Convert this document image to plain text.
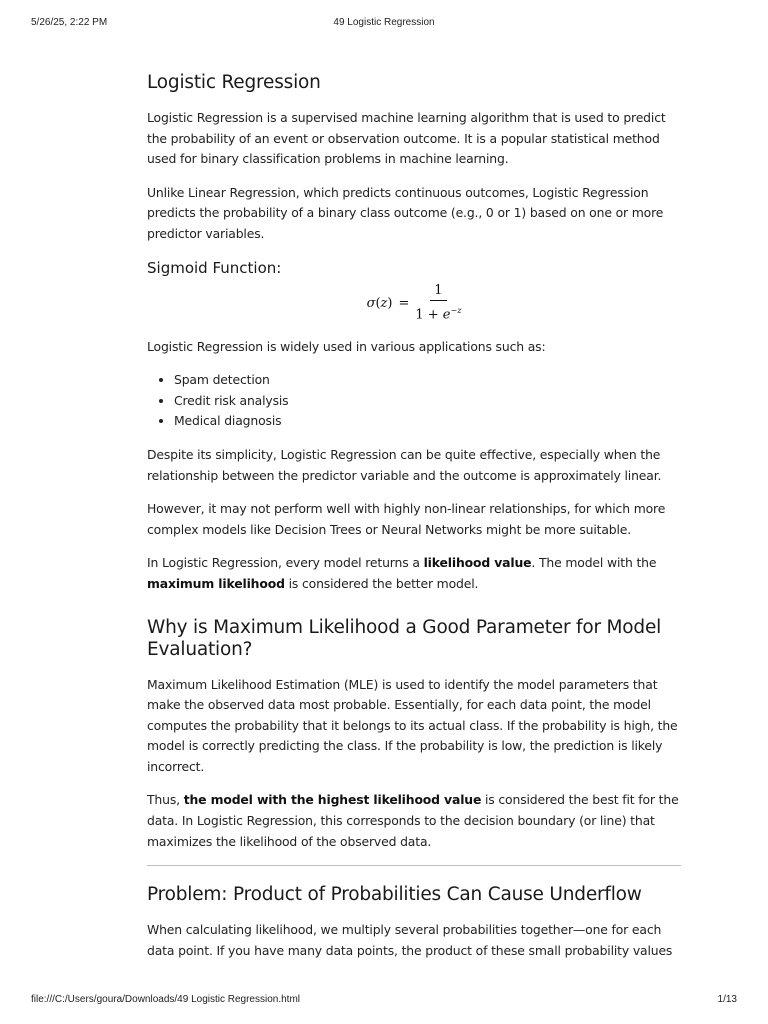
5/26/25, 2:22 PM	49 Logistic Regression
Logistic Regression

Logistic Regression is a supervised machine learning algorithm that is used to predict the probability of an event or observation outcome. It is a popular statistical method used for binary classification problems in machine learning.

Unlike Linear Regression, which predicts continuous outcomes, Logistic Regression predicts the probability of a binary class outcome (e.g., 0 or 1) based on one or more predictor variables.

Sigmoid Function:
$\sigma(z) = \frac{1}{1 + e^{-z}}$

Logistic Regression is widely used in various applications such as:

• Spam detection
• Credit risk analysis
• Medical diagnosis

Despite its simplicity, Logistic Regression can be quite effective, especially when the relationship between the predictor variable and the outcome is approximately linear.

However, it may not perform well with highly non-linear relationships, for which more complex models like Decision Trees or Neural Networks might be more suitable.

In Logistic Regression, every model returns a likelihood value. The model with the maximum likelihood is considered the better model.

Why is Maximum Likelihood a Good Parameter for Model Evaluation?

Maximum Likelihood Estimation (MLE) is used to identify the model parameters that make the observed data most probable. Essentially, for each data point, the model computes the probability that it belongs to its actual class. If the probability is high, the model is correctly predicting the class. If the probability is low, the prediction is likely incorrect.

Thus, the model with the highest likelihood value is considered the best fit for the data. In Logistic Regression, this corresponds to the decision boundary (or line) that maximizes the likelihood of the observed data.

Problem: Product of Probabilities Can Cause Underflow

When calculating likelihood, we multiply several probabilities together—one for each data point. If you have many data points, the product of these small probability values

file:///C:/Users/goura/Downloads/49 Logistic Regression.html	1/13
